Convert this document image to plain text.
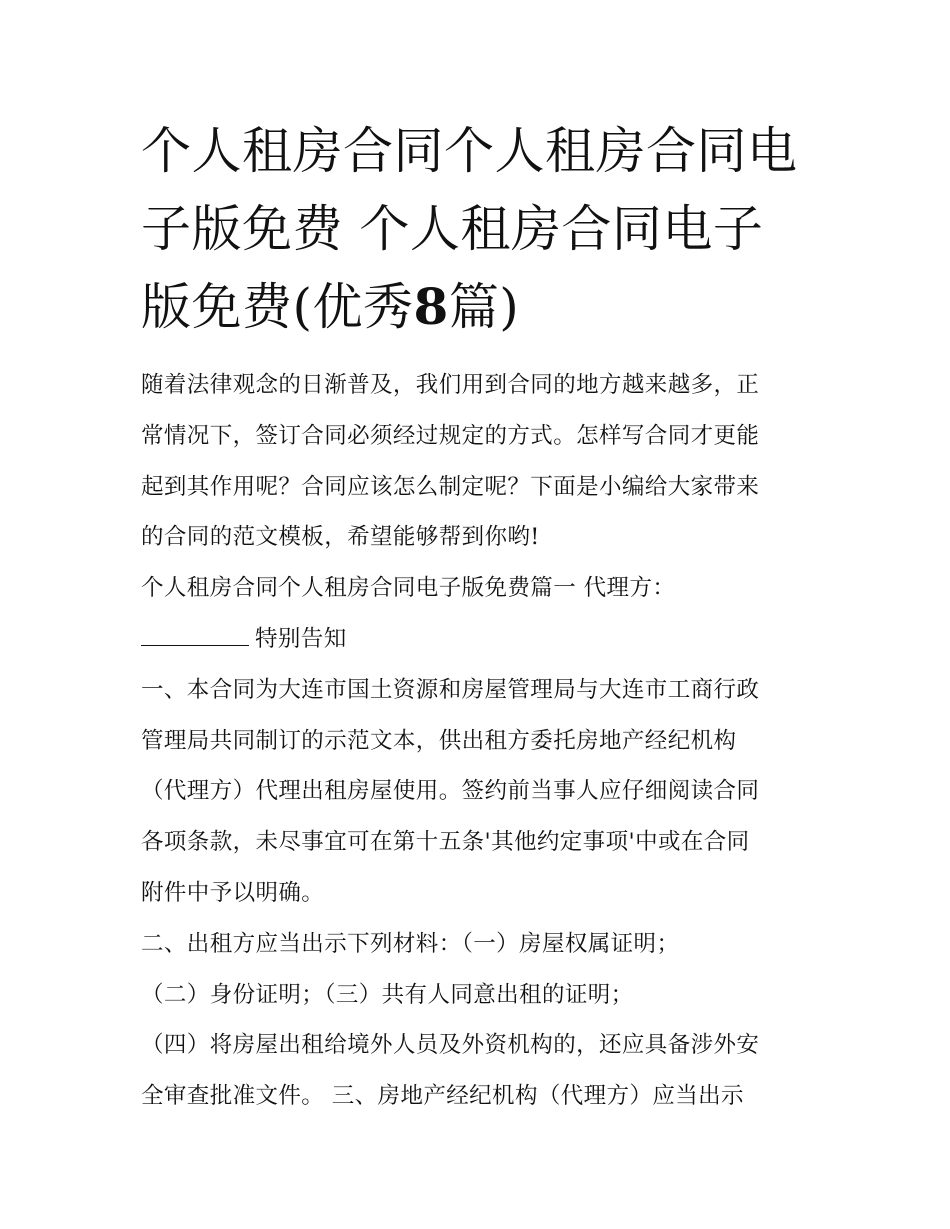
个人租房合同个人租房合同电子版免费 个人租房合同电子版免费(优秀8篇)

随着法律观念的日渐普及，我们用到合同的地方越来越多，正

常情况下，签订合同必须经过规定的方式。怎样写合同才更能

起到其作用呢？合同应该怎么制定呢？下面是小编给大家带来

的合同的范文模板，希望能够帮到你哟!

个人租房合同个人租房合同电子版免费篇一 代理方：

特别告知

一、本合同为大连市国土资源和房屋管理局与大连市工商行政

管理局共同制订的示范文本，供出租方委托房地产经纪机构

（代理方）代理出租房屋使用。签约前当事人应仔细阅读合同

各项条款，未尽事宜可在第十五条'其他约定事项'中或在合同

附件中予以明确。

二、出租方应当出示下列材料：（一）房屋权属证明；

（二）身份证明；（三）共有人同意出租的证明；

（四）将房屋出租给境外人员及外资机构的，还应具备涉外安

全审查批准文件。 三、房地产经纪机构（代理方）应当出示
